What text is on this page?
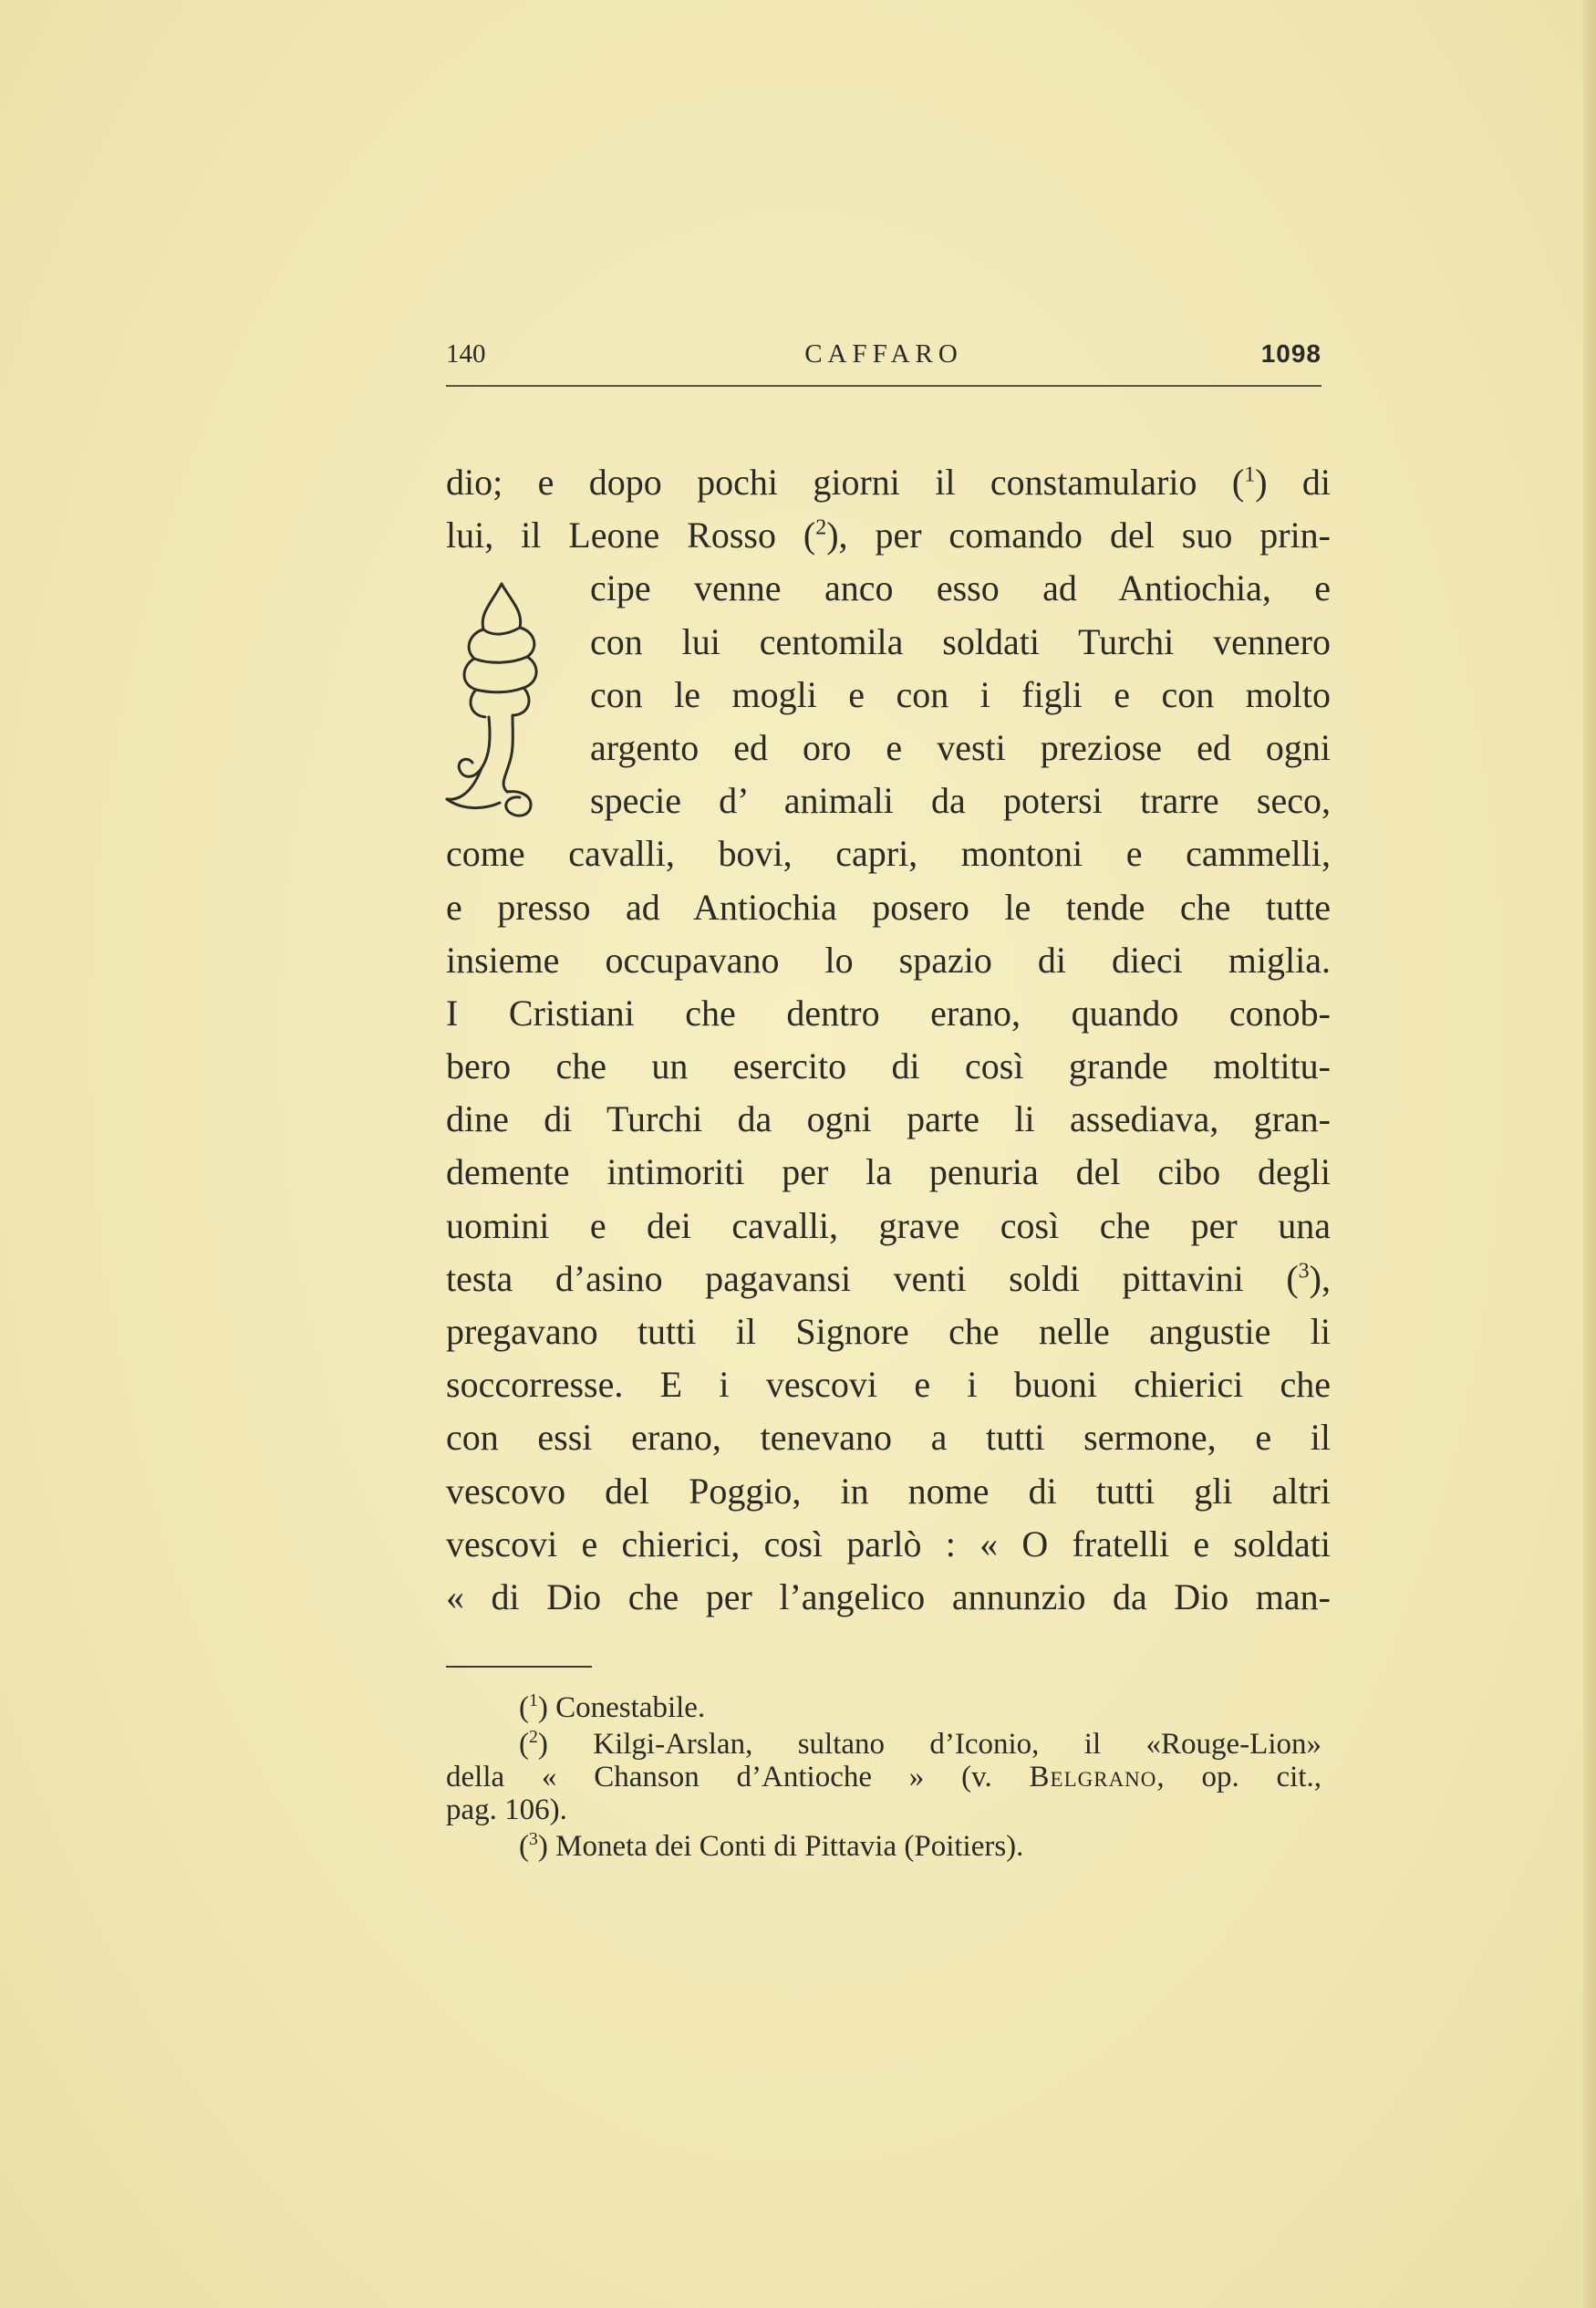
140	CAFFARO	1098
dio; e dopo pochi giorni il constamulario ($^1$) di
lui, il Leone Rosso ($^2$), per comando del suo prin-
cipe venne anco esso ad Antiochia, e
con lui centomila soldati Turchi vennero
con le mogli e con i figli e con molto
argento ed oro e vesti preziose ed ogni
specie d’ animali da potersi trarre seco,
come cavalli, bovi, capri, montoni e cammelli,
e presso ad Antiochia posero le tende che tutte
insieme occupavano lo spazio di dieci miglia.
I Cristiani che dentro erano, quando conob-
bero che un esercito di così grande moltitu-
dine di Turchi da ogni parte li assediava, gran-
demente intimoriti per la penuria del cibo degli
uomini e dei cavalli, grave così che per una
testa d’asino pagavansi venti soldi pittavini ($^3$),
pregavano tutti il Signore che nelle angustie li
soccorresse. E i vescovi e i buoni chierici che
con essi erano, tenevano a tutti sermone, e il
vescovo del Poggio, in nome di tutti gli altri
vescovi e chierici, così parlò : « O fratelli e soldati
« di Dio che per l’angelico annunzio da Dio man-
($^1$) Conestabile.
($^2$) Kilgi-Arslan, sultano d’Iconio, il «Rouge-Lion»
della « Chanson d’Antioche » (v. Belgrano, op. cit.,
pag. 106).
($^3$) Moneta dei Conti di Pittavia (Poitiers).
